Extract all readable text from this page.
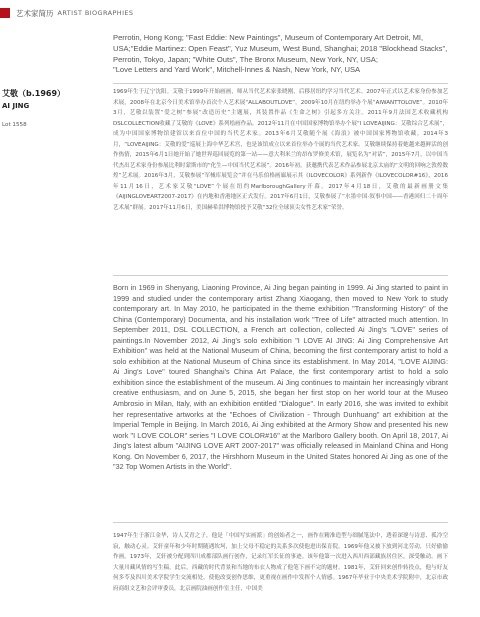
艺术家简历 ARTIST BIOGRAPHIES

Perrotin, Hong Kong; "Fast Eddie: New Paintings", Museum of Contemporary Art Detroit, MI, USA;"Eddie Martinez: Open Feast", Yuz Museum, West Bund, Shanghai; 2018 "Blockhead Stacks", Perrotin, Tokyo, Japan; "White Outs", The Bronx Museum, New York, NY, USA;

"Love Letters and Yard Work", Mitchell-Innes & Nash, New York, NY, USA

艾敬（b.1969）
AI JING
Lot 1558

1969年生于辽宁沈阳。艾敬于1999年开始画画，师从当代艺术家张晓刚，后移居纽约学习当代艺术。2007年正式以艺术家身份参加艺术展，2008年在北京今日美术馆举办首次个人艺术展“ALLABOUTLOVE”，2009年10月在纽约举办个展“AIWANTTOLOVE”。2010年3月，艺敬以装置“爱之树”参展“改造历史”主题展，其装置作品《生命之树》引起多方关注。2011年9月法国艺术收藏机构DSLCOLLECTION收藏了艾敬的《LOVE》系列绘画作品。2012年11月在中国国家博物馆举办个展“I LOVEAIJING：艾敬综合艺术展”，成为中国国家博物馆建馆以来首位中国的当代艺术家。2013年6月艾敬随个展《海浪》被中国国家博物馆收藏。2014年3月，“LOVEAIJING：艾敬的爱”巡展上海中华艺术宫，也是该馆成立以来首位举办个展的当代艺术家。艾敬继续保持着她越来越鲜活的创作热情，2015年6月1日她开始了她世界巡回展览的第一站——意大利米兰的昂布罗修美术馆，展览名为“对话”，2015年7月，以中国当代杰出艺术家身份参展比利时蒙斯市的“化生—中国当代艺术展”。2016年初，获邀携代表艺术作品参展北京太庙的“文明的回响之敦煌数煌”艺术展。2016年3月，艾敬参展“军械库展览会”并在马乐伯格画廊展示其《ILOVECOLOR》系列新作《ILOVECOLOR#16》，2016年11月16日，艺术家艾敬“LOVE”个展在纽约MarlboroughGallery开幕。2017年4月18日，艾敬的最新画册文集《AIJINGLOVEART2007-2017》在内地和香港地区正式发行。2017年6月1日，艾敬参展了“水墨中国·叙事中国——香港回归二十周年艺术展”群展。2017年11月6日，美国赫希洪博物馆授予艾敬“32位全球顶尖女性艺术家”荣誉。

Born in 1969 in Shenyang, Liaoning Province, Ai Jing began painting in 1999. Ai Jing started to paint in 1999 and studied under the contemporary artist Zhang Xiaogang, then moved to New York to study contemporary art. In May 2010, he participated in the theme exhibition "Transforming History" of the China (Contemporary) Documenta, and his installation work "Tree of Life" attracted much attention. In September 2011, DSL COLLECTION, a French art collection, collected Ai Jing's "LOVE" series of paintings.In November 2012, Ai Jing's solo exhibition "I LOVE AI JING: Ai Jing Comprehensive Art Exhibition" was held at the National Museum of China, becoming the first contemporary artist to hold a solo exhibition at the National Museum of China since its establishment. In May 2014, "LOVE AIJING: Ai Jing's Love" toured Shanghai's China Art Palace, the first contemporary artist to hold a solo exhibition since the establishment of the museum. Ai Jing continues to maintain her increasingly vibrant creative enthusiasm, and on June 5, 2015, she began her first stop on her world tour at the Museo Ambrosio in Milan, Italy, with an exhibition entitled "Dialogue". In early 2016, she was invited to exhibit her representative artworks at the "Echoes of Civilization - Through Dunhuang" art exhibition at the Imperial Temple in Beijing. In March 2016, Ai Jing exhibited at the Armory Show and presented his new work "I LOVE COLOR" series "I LOVE COLOR#16" at the Marlboro Gallery booth. On April 18, 2017, Ai Jing's latest album "AIJING LOVE ART 2007-2017" was officially released in Mainland China and Hong Kong. On November 6, 2017, the Hirshhorn Museum in the United States honored Ai Jing as one of the "32 Top Women Artists in the World".

1947年生于浙江金华，诗人艾青之子，他是「中国写实画派」的创始者之一，画作在精准造型与细腻笔法中，透着深邃与诗意、孤冷空寂，触动心灵。艾轩童年和少年时期随遇坎坷，加上父母不稳定的关系多次使他进出保育院。1969年他又被下放到河北劳动，只好偷偷作画。1973年，艾轩被分配到四川成都部队画行创作，记录红军长征的事迹。该年他第一次进入西川西部藏族居住区，深受触动。画下大量川藏风情的写生稿。此后，西藏的时代背景和当地的布衣人物成了他笔下画不完的题材。1981年，艾轩回来创作转投点，他与好友何多苓及四川美术学院学生交流相处，使他改变创作思维，更重视在画作中发挥个人情感。1967年毕业于中央美术学院附中，北京市政府商组文艺和会评审委员，北京画院油画创作室主任，中国美
